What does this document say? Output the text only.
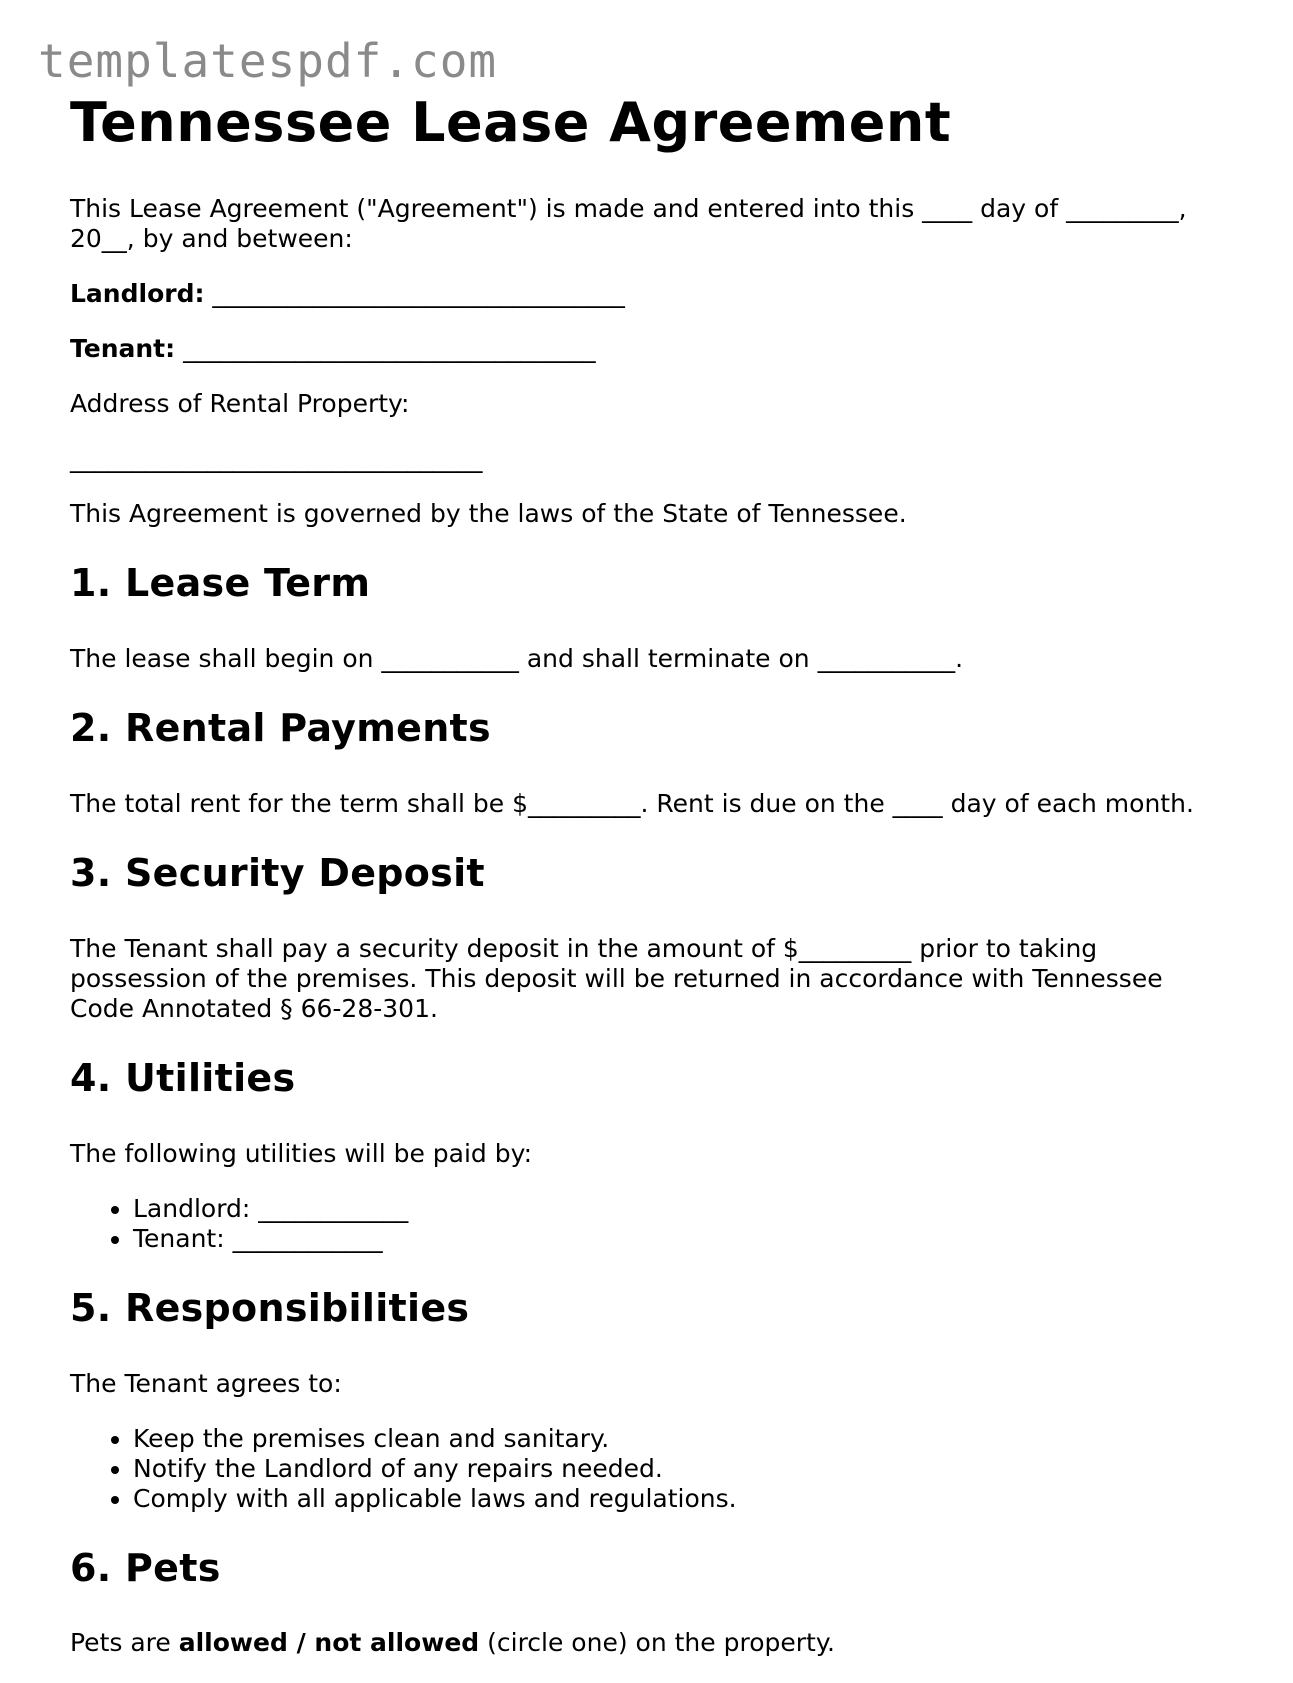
templatespdf.com
Tennessee Lease Agreement

This Lease Agreement ("Agreement") is made and entered into this ____ day of _________,
20__, by and between:

Landlord: _________________________________

Tenant: _________________________________

Address of Rental Property:

_________________________________

This Agreement is governed by the laws of the State of Tennessee.

1. Lease Term

The lease shall begin on ___________ and shall terminate on ___________.

2. Rental Payments

The total rent for the term shall be $_________. Rent is due on the ____ day of each month.

3. Security Deposit

The Tenant shall pay a security deposit in the amount of $_________ prior to taking
possession of the premises. This deposit will be returned in accordance with Tennessee
Code Annotated § 66-28-301.

4. Utilities

The following utilities will be paid by:

• Landlord: ____________
• Tenant: ____________
5. Responsibilities

The Tenant agrees to:

• Keep the premises clean and sanitary.
• Notify the Landlord of any repairs needed.
• Comply with all applicable laws and regulations.
6. Pets

Pets are allowed / not allowed (circle one) on the property.
